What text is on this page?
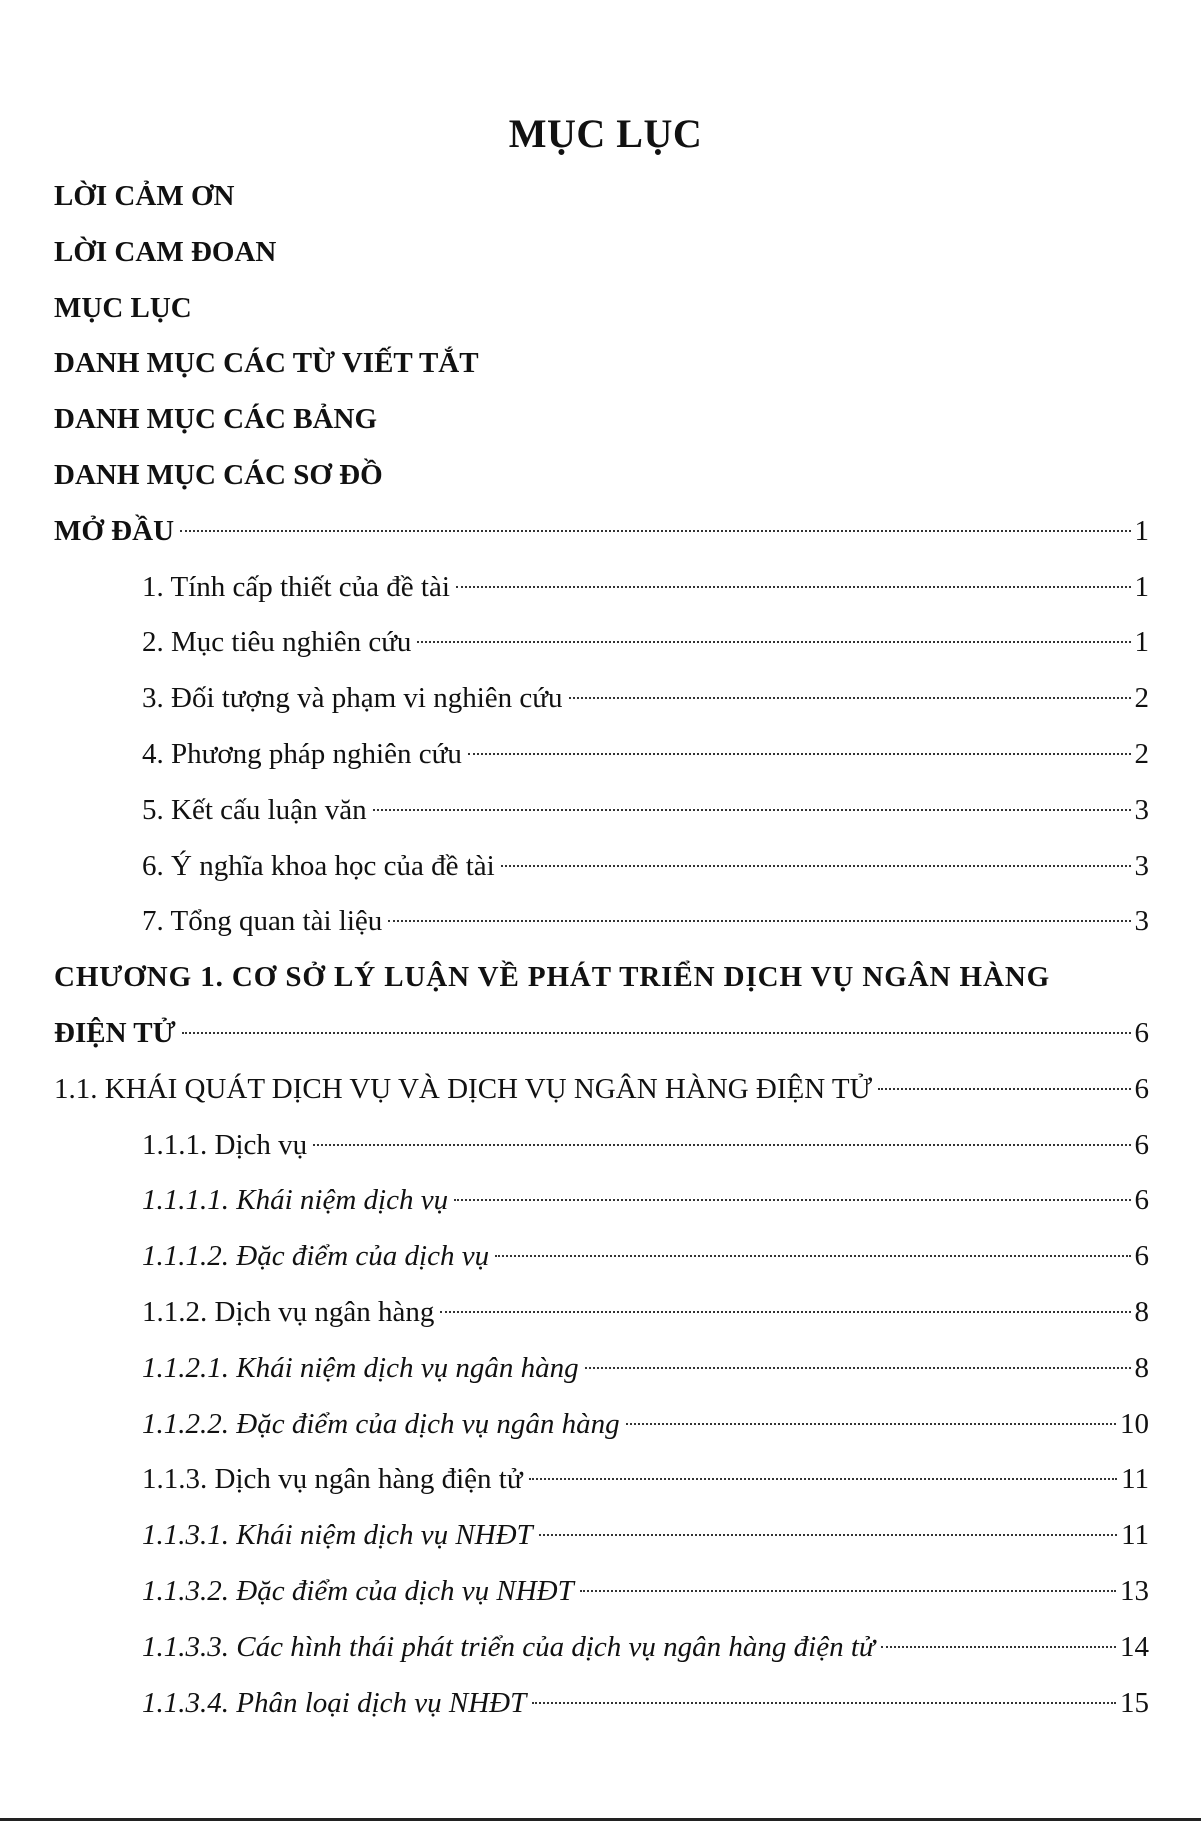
MỤC LỤC
LỜI CẢM ƠN
LỜI CAM ĐOAN
MỤC LỤC
DANH MỤC CÁC TỪ VIẾT TẮT
DANH MỤC CÁC BẢNG
DANH MỤC CÁC SƠ ĐỒ
MỞ ĐẦU	1
1. Tính cấp thiết của đề tài	1
2. Mục tiêu nghiên cứu	1
3. Đối tượng và phạm vi nghiên cứu	2
4. Phương pháp nghiên cứu	2
5. Kết cấu luận văn	3
6. Ý nghĩa khoa học của đề tài	3
7. Tổng quan tài liệu	3
CHƯƠNG 1. CƠ SỞ LÝ LUẬN VỀ PHÁT TRIỂN DỊCH VỤ NGÂN HÀNG
ĐIỆN TỬ	6
1.1. KHÁI QUÁT DỊCH VỤ VÀ DỊCH VỤ NGÂN HÀNG ĐIỆN TỬ	6
1.1.1. Dịch vụ	6
1.1.1.1. Khái niệm dịch vụ	6
1.1.1.2. Đặc điểm của dịch vụ	6
1.1.2. Dịch vụ ngân hàng	8
1.1.2.1. Khái niệm dịch vụ ngân hàng	8
1.1.2.2. Đặc điểm của dịch vụ ngân hàng	10
1.1.3. Dịch vụ ngân hàng điện tử	11
1.1.3.1. Khái niệm dịch vụ NHĐT	11
1.1.3.2. Đặc điểm của dịch vụ NHĐT	13
1.1.3.3. Các hình thái phát triển của dịch vụ ngân hàng điện tử	14
1.1.3.4. Phân loại dịch vụ NHĐT	15
